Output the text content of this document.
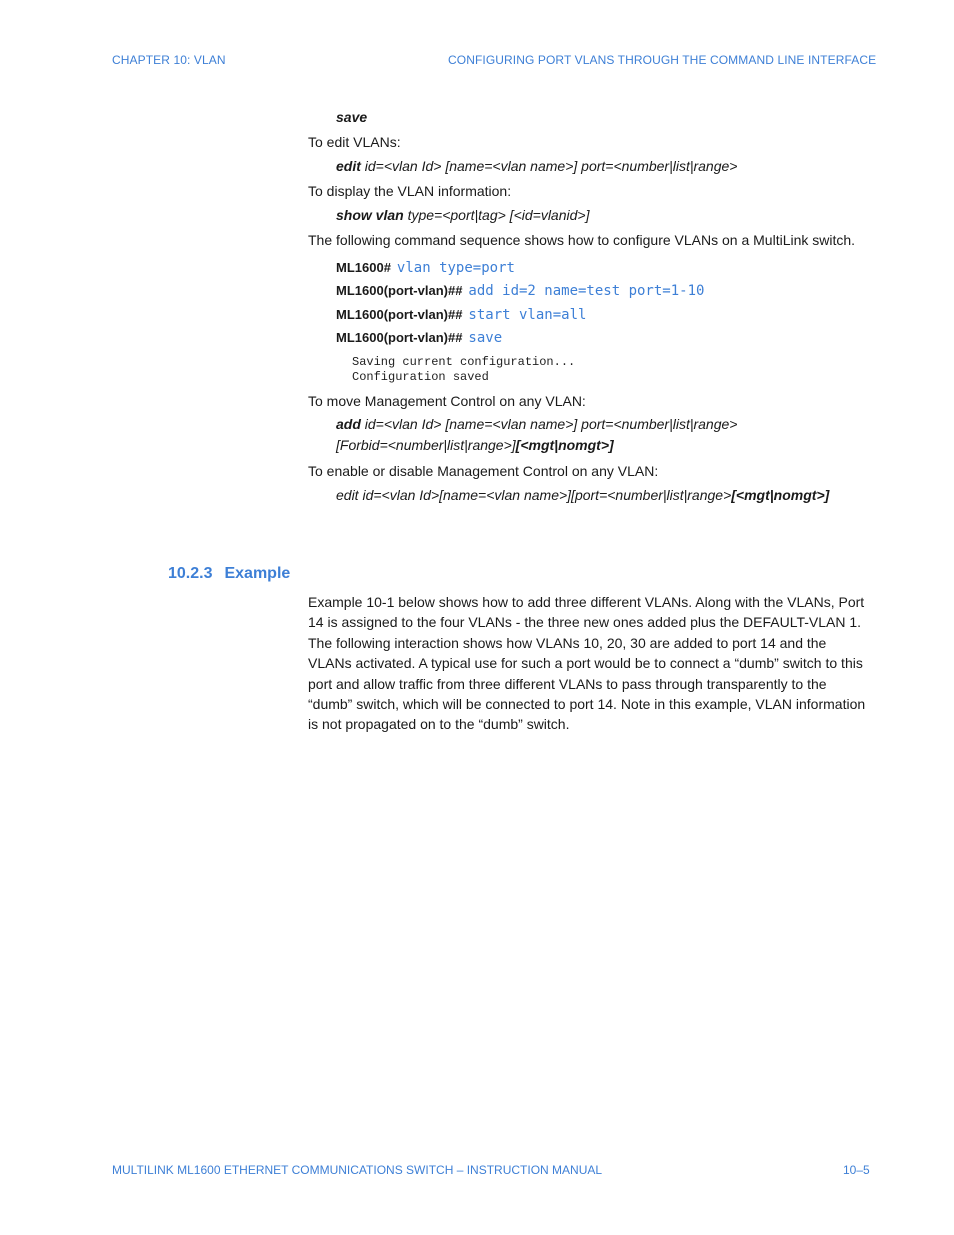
CHAPTER 10: VLAN	CONFIGURING PORT VLANS THROUGH THE COMMAND LINE INTERFACE
save
To edit VLANs:
edit id=<vlan Id> [name=<vlan name>] port=<number|list|range>
To display the VLAN information:
show vlan type=<port|tag> [<id=vlanid>]
The following command sequence shows how to configure VLANs on a MultiLink switch.
ML1600# vlan type=port
ML1600(port-vlan)## add id=2 name=test port=1-10
ML1600(port-vlan)## start vlan=all
ML1600(port-vlan)## save
Saving current configuration...
Configuration saved
To move Management Control on any VLAN:
add id=<vlan Id> [name=<vlan name>] port=<number|list|range>
[Forbid=<number|list|range>][<mgt|nomgt>]
To enable or disable Management Control on any VLAN:
edit id=<vlan Id>[name=<vlan name>][port=<number|list|range>[<mgt|nomgt>]
10.2.3 Example
Example 10-1 below shows how to add three different VLANs. Along with the VLANs, Port 14 is assigned to the four VLANs - the three new ones added plus the DEFAULT-VLAN 1. The following interaction shows how VLANs 10, 20, 30 are added to port 14 and the VLANs activated. A typical use for such a port would be to connect a “dumb” switch to this port and allow traffic from three different VLANs to pass through transparently to the “dumb” switch, which will be connected to port 14. Note in this example, VLAN information is not propagated on to the “dumb” switch.
MULTILINK ML1600 ETHERNET COMMUNICATIONS SWITCH – INSTRUCTION MANUAL	10–5
